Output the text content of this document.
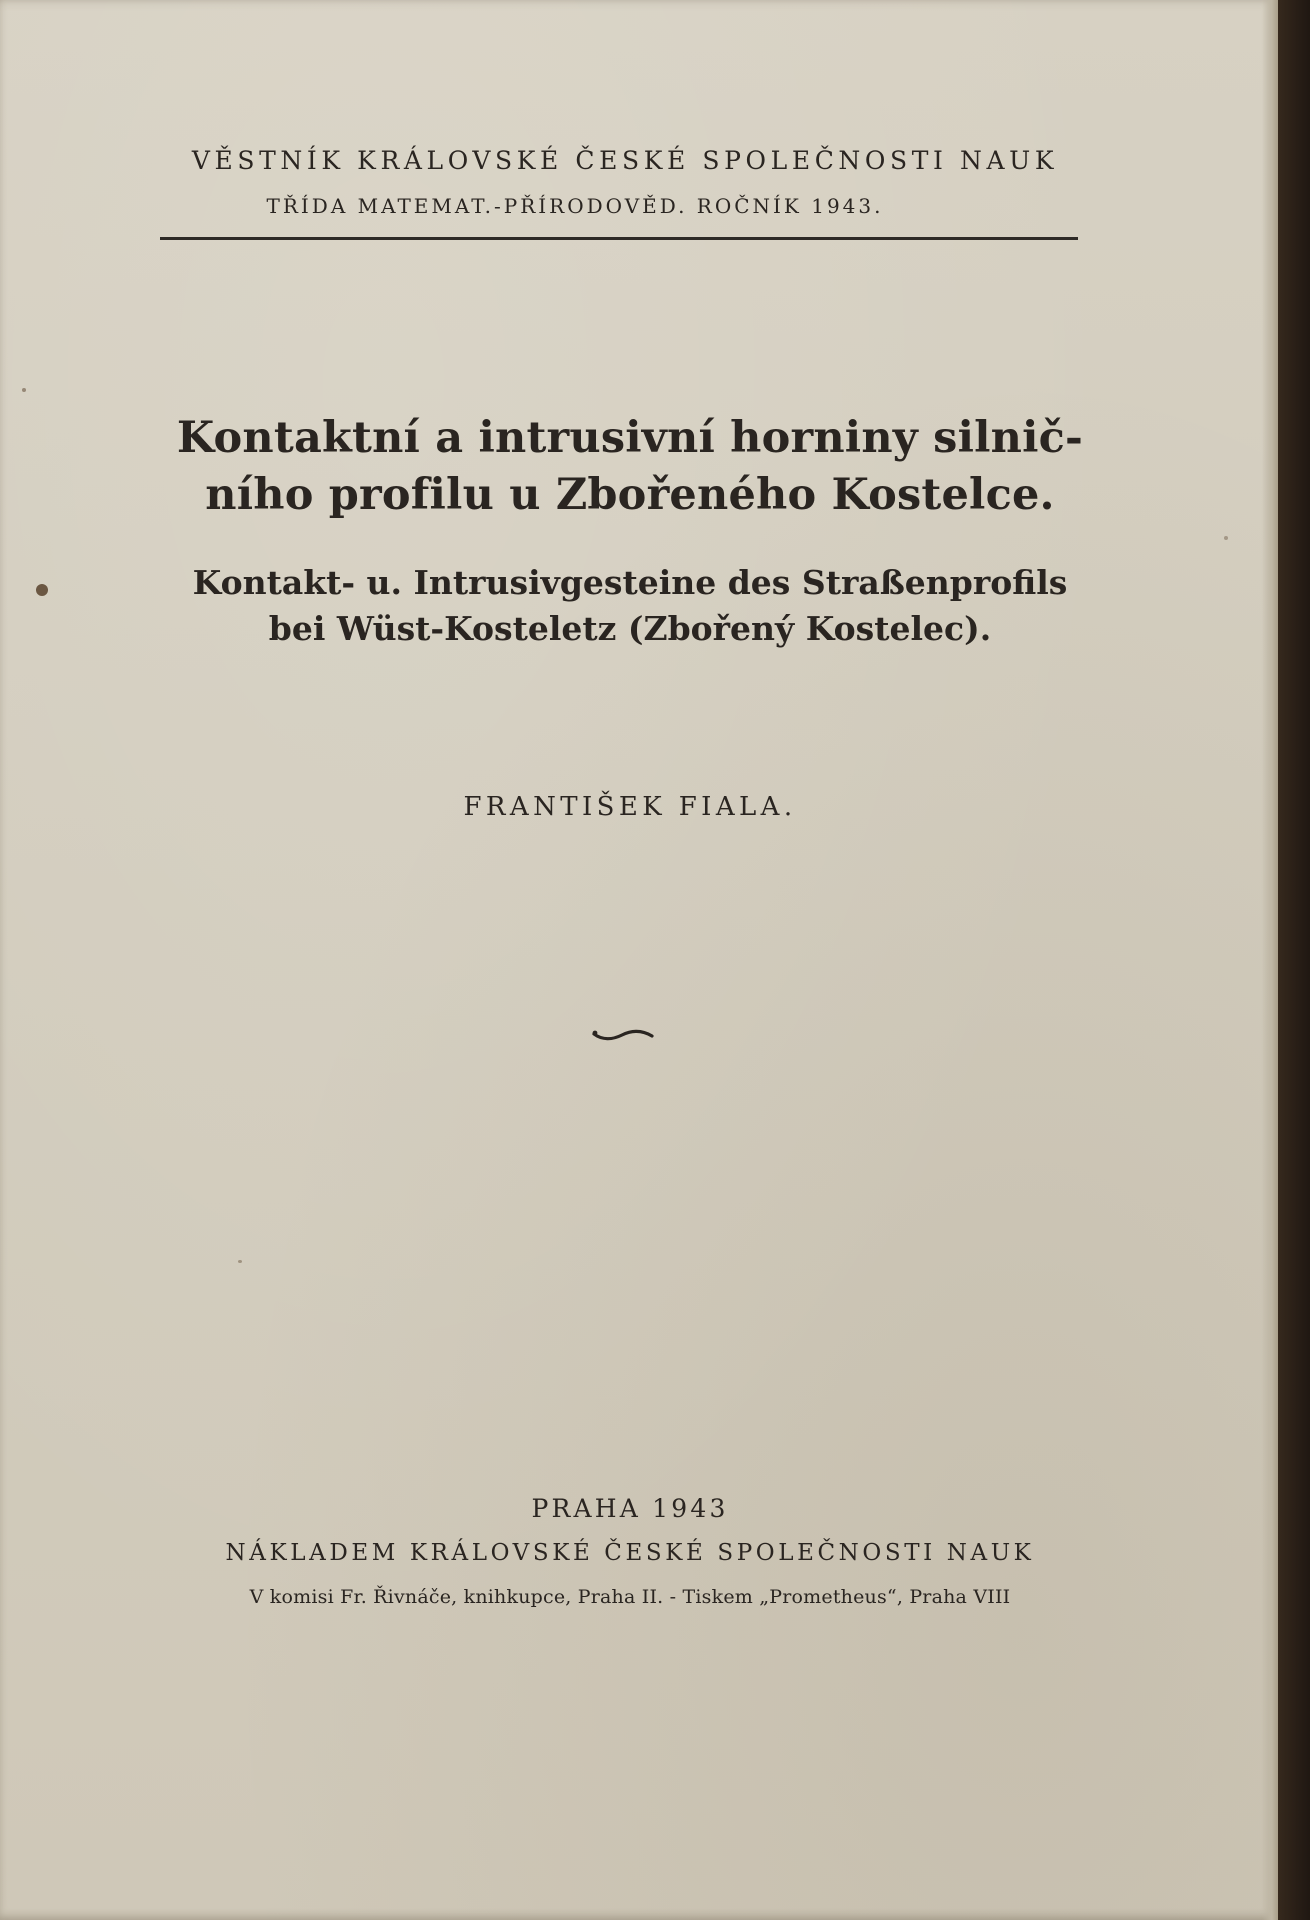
VĚSTNÍK KRÁLOVSKÉ ČESKÉ SPOLEČNOSTI NAUK
TŘÍDA MATEMAT.-PŘÍRODOVĚD. ROČNÍK 1943.
Kontaktní a intrusivní horniny silnič-
ního profilu u Zbořeného Kostelce.
Kontakt- u. Intrusivgesteine des Straßenprofils
bei Wüst-Kosteletz (Zbořený Kostelec).
FRANTIŠEK FIALA.
PRAHA 1943
NÁKLADEM KRÁLOVSKÉ ČESKÉ SPOLEČNOSTI NAUK
V komisi Fr. Řivnáče, knihkupce, Praha II. - Tiskem „Prometheus“, Praha VIII
